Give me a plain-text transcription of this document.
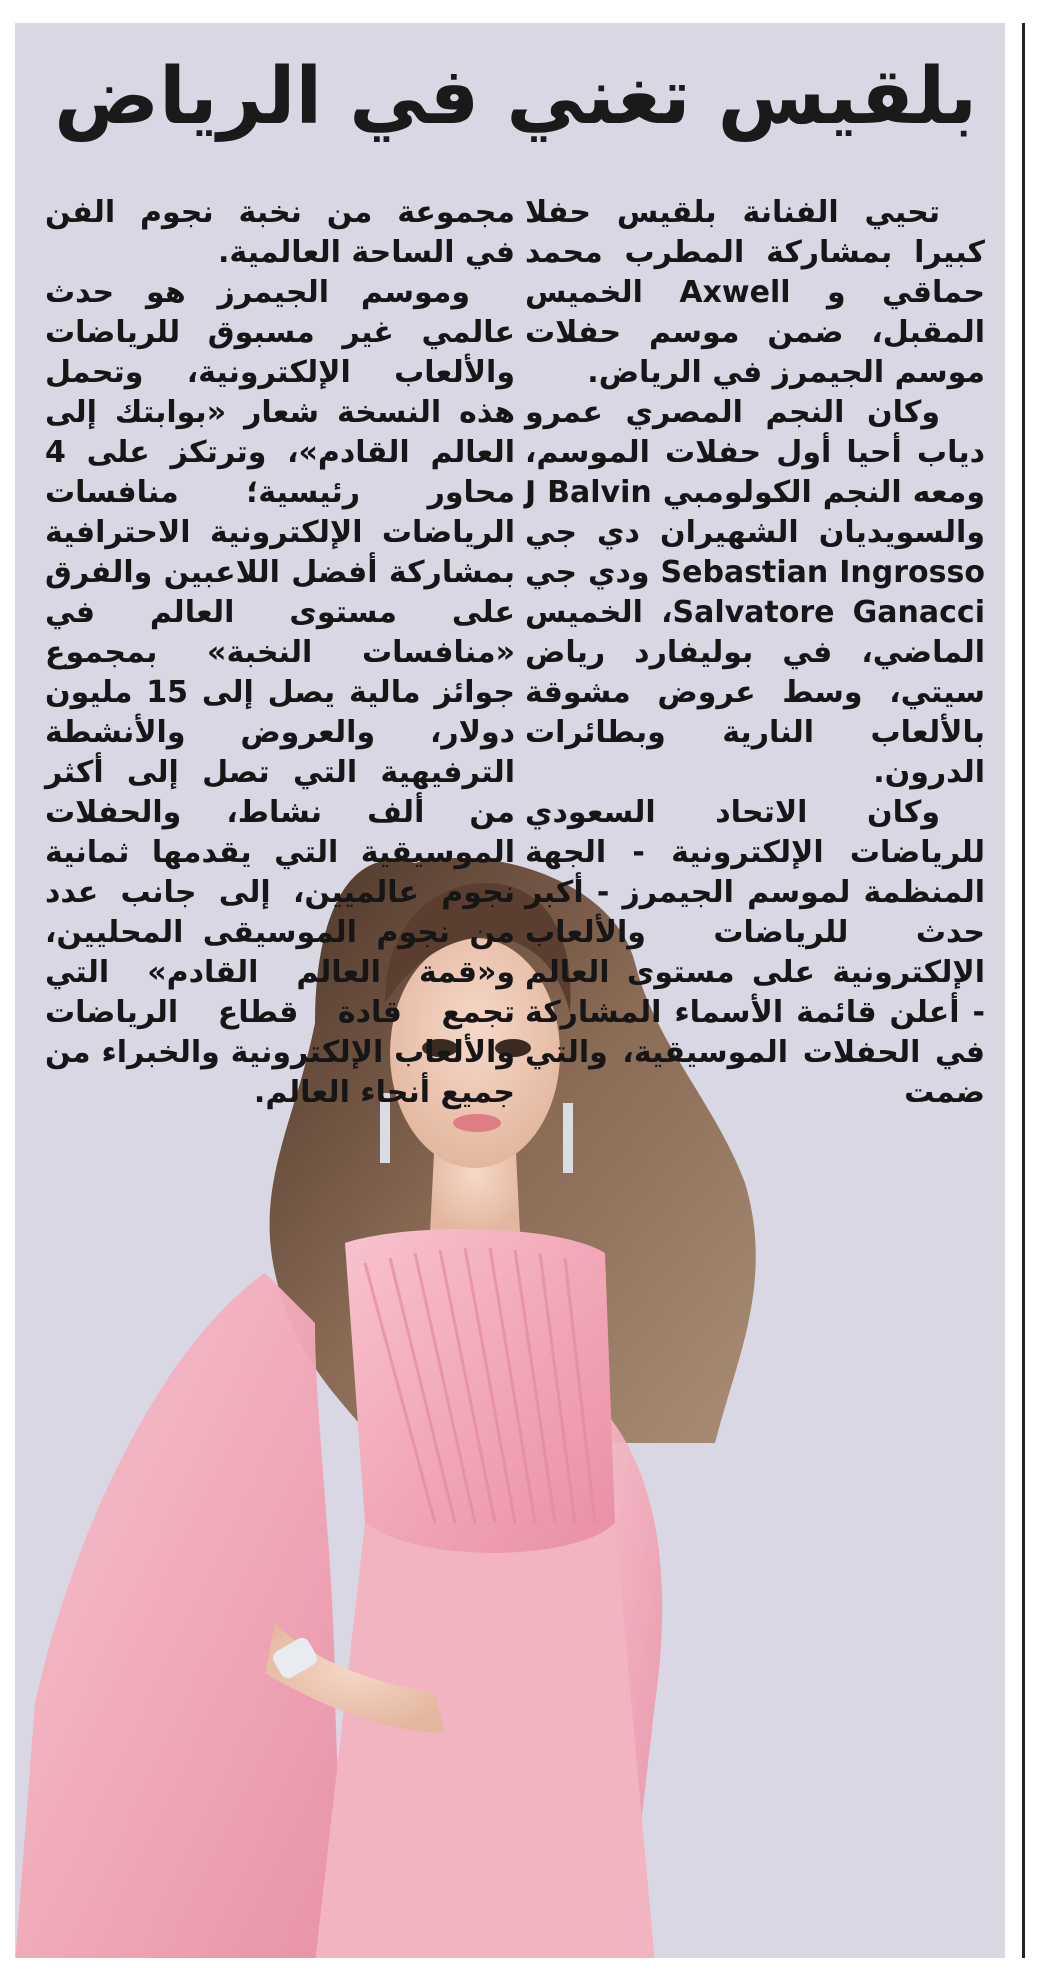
بلقيس تغني في الرياض

تحيي الفنانة بلقيس حفلا كبيرا بمشاركة المطرب محمد حماقي و Axwell الخميس المقبل، ضمن موسم حفلات موسم الجيمرز في الرياض.

وكان النجم المصري عمرو دياب أحيا أول حفلات الموسم، ومعه النجم الكولومبي J Balvin والسويديان الشهيران دي جي Sebastian Ingrosso ودي جي Salvatore Ganacci، الخميس الماضي، في بوليفارد رياض سيتي، وسط عروض مشوقة بالألعاب النارية وبطائرات الدرون.

وكان الاتحاد السعودي للرياضات الإلكترونية - الجهة المنظمة لموسم الجيمرز - أكبر حدث للرياضات والألعاب الإلكترونية على مستوى العالم - أعلن قائمة الأسماء المشاركة في الحفلات الموسيقية، والتي ضمت

مجموعة من نخبة نجوم الفن في الساحة العالمية.

وموسم الجيمرز هو حدث عالمي غير مسبوق للرياضات والألعاب الإلكترونية، وتحمل هذه النسخة شعار «بوابتك إلى العالم القادم»، وترتكز على 4 محاور رئيسية؛ منافسات الرياضات الإلكترونية الاحترافية بمشاركة أفضل اللاعبين والفرق على مستوى العالم في «منافسات النخبة» بمجموع جوائز مالية يصل إلى 15 مليون دولار، والعروض والأنشطة الترفيهية التي تصل إلى أكثر من ألف نشاط، والحفلات الموسيقية التي يقدمها ثمانية نجوم عالميين، إلى جانب عدد من نجوم الموسيقى المحليين، و«قمة العالم القادم» التي تجمع قادة قطاع الرياضات والألعاب الإلكترونية والخبراء من جميع أنحاء العالم.
